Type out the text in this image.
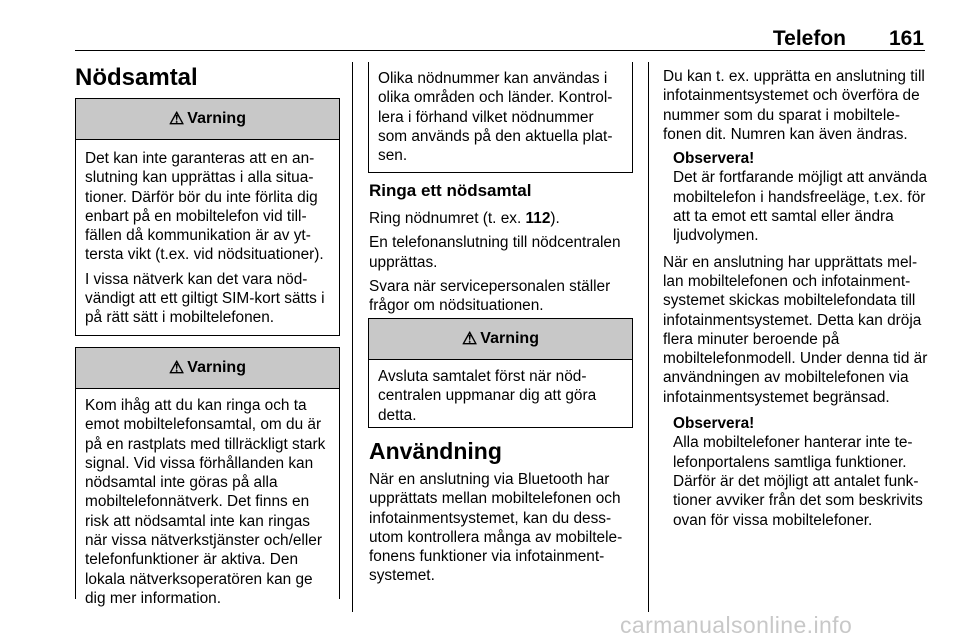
Telefon	161
Nödsamtal
⚠ Varning

Det kan inte garanteras att en anslutning kan upprättas i alla situationer. Därför bör du inte förlita dig enbart på en mobiltelefon vid tillfällen då kommunikation är av yttersta vikt (t.ex. vid nödsituationer).

I vissa nätverk kan det vara nödvändigt att ett giltigt SIM-kort sätts i på rätt sätt i mobiltelefonen.

⚠ Varning

Kom ihåg att du kan ringa och ta emot mobiltelefonsamtal, om du är på en rastplats med tillräckligt stark signal. Vid vissa förhållanden kan nödsamtal inte göras på alla mobiltelefonnätverk. Det finns en risk att nödsamtal inte kan ringas när vissa nätverkstjänster och/eller telefonfunktioner är aktiva. Den lokala nätverksoperatören kan ge dig mer information.

Olika nödnummer kan användas i olika områden och länder. Kontrollera i förhand vilket nödnummer som används på den aktuella platsen.

Ringa ett nödsamtal

Ring nödnumret (t. ex. 112).

En telefonanslutning till nödcentralen upprättas.

Svara när servicepersonalen ställer frågor om nödsituationen.

⚠ Varning

Avsluta samtalet först när nödcentralen uppmanar dig att göra detta.

Användning

När en anslutning via Bluetooth har upprättats mellan mobiltelefonen och infotainmentsystemet, kan du dessutom kontrollera många av mobiltelefonens funktioner via infotainmentsystemet.

Du kan t. ex. upprätta en anslutning till infotainmentsystemet och överföra de nummer som du sparat i mobiltelefonen dit. Numren kan även ändras.

Observera!
Det är fortfarande möjligt att använda mobiltelefon i handsfreeläge, t.ex. för att ta emot ett samtal eller ändra ljudvolymen.

När en anslutning har upprättats mellan mobiltelefonen och infotainmentsystemet skickas mobiltelefondata till infotainmentsystemet. Detta kan dröja flera minuter beroende på mobiltelefonmodell. Under denna tid är användningen av mobiltelefonen via infotainmentsystemet begränsad.

Observera!
Alla mobiltelefoner hanterar inte telefonportalens samtliga funktioner. Därför är det möjligt att antalet funktioner avviker från det som beskrivits ovan för vissa mobiltelefoner.
carmanualsonline.info
